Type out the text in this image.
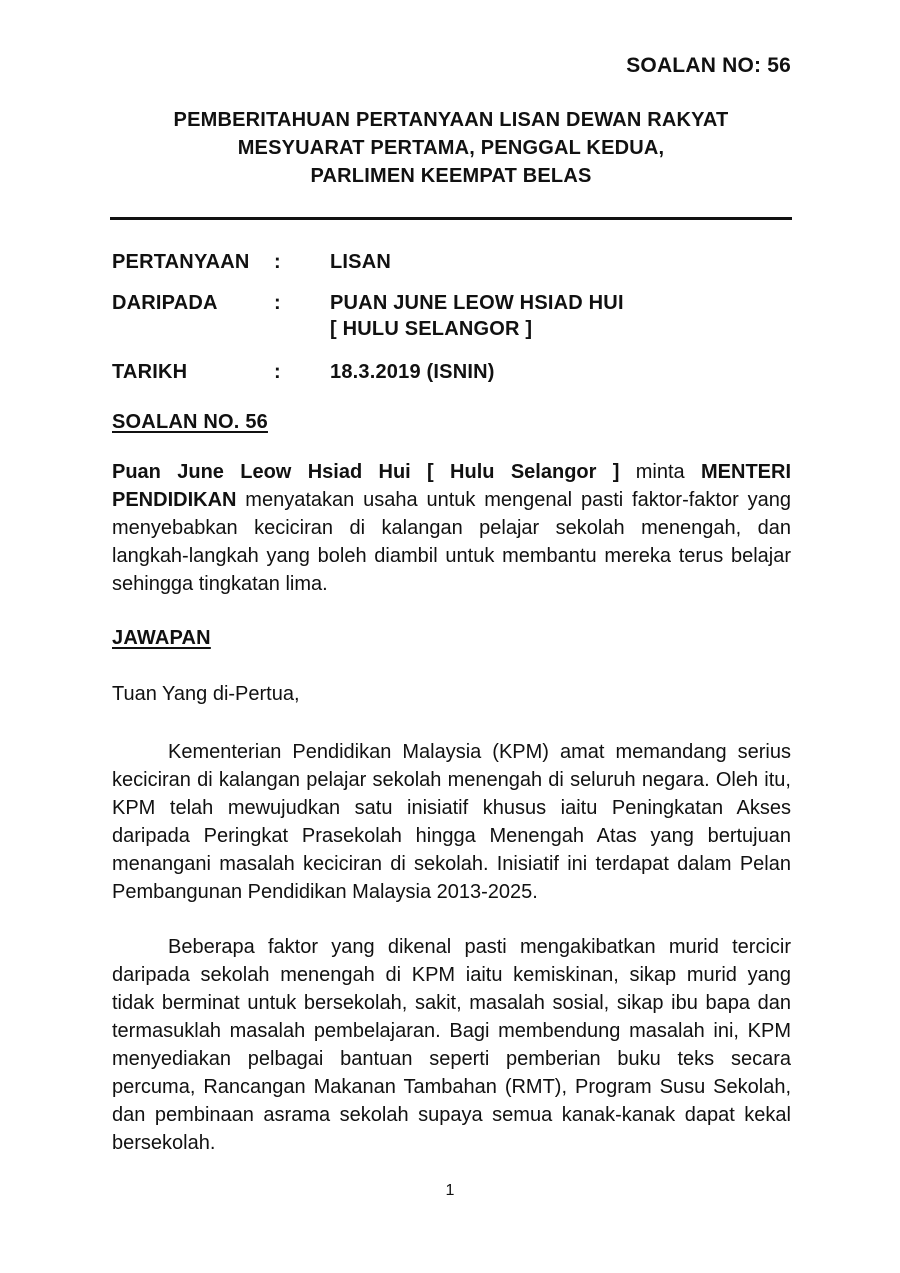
SOALAN NO: 56
PEMBERITAHUAN PERTANYAAN LISAN DEWAN RAKYAT
MESYUARAT PERTAMA, PENGGAL KEDUA,
PARLIMEN KEEMPAT BELAS
PERTANYAAN : LISAN
DARIPADA	: PUAN JUNE LEOW HSIAD HUI
[ HULU SELANGOR ]
TARIKH	: 18.3.2019 (ISNIN)
SOALAN NO. 56
Puan June Leow Hsiad Hui [ Hulu Selangor ] minta MENTERI PENDIDIKAN menyatakan usaha untuk mengenal pasti faktor-faktor yang menyebabkan keciciran di kalangan pelajar sekolah menengah, dan langkah-langkah yang boleh diambil untuk membantu mereka terus belajar sehingga tingkatan lima.
JAWAPAN
Tuan Yang di-Pertua,
Kementerian Pendidikan Malaysia (KPM) amat memandang serius keciciran di kalangan pelajar sekolah menengah di seluruh negara. Oleh itu, KPM telah mewujudkan satu inisiatif khusus iaitu Peningkatan Akses daripada Peringkat Prasekolah hingga Menengah Atas yang bertujuan menangani masalah keciciran di sekolah. Inisiatif ini terdapat dalam Pelan Pembangunan Pendidikan Malaysia 2013-2025.
Beberapa faktor yang dikenal pasti mengakibatkan murid tercicir daripada sekolah menengah di KPM iaitu kemiskinan, sikap murid yang tidak berminat untuk bersekolah, sakit, masalah sosial, sikap ibu bapa dan termasuklah masalah pembelajaran. Bagi membendung masalah ini, KPM menyediakan pelbagai bantuan seperti pemberian buku teks secara percuma, Rancangan Makanan Tambahan (RMT), Program Susu Sekolah, dan pembinaan asrama sekolah supaya semua kanak-kanak dapat kekal bersekolah.
1
